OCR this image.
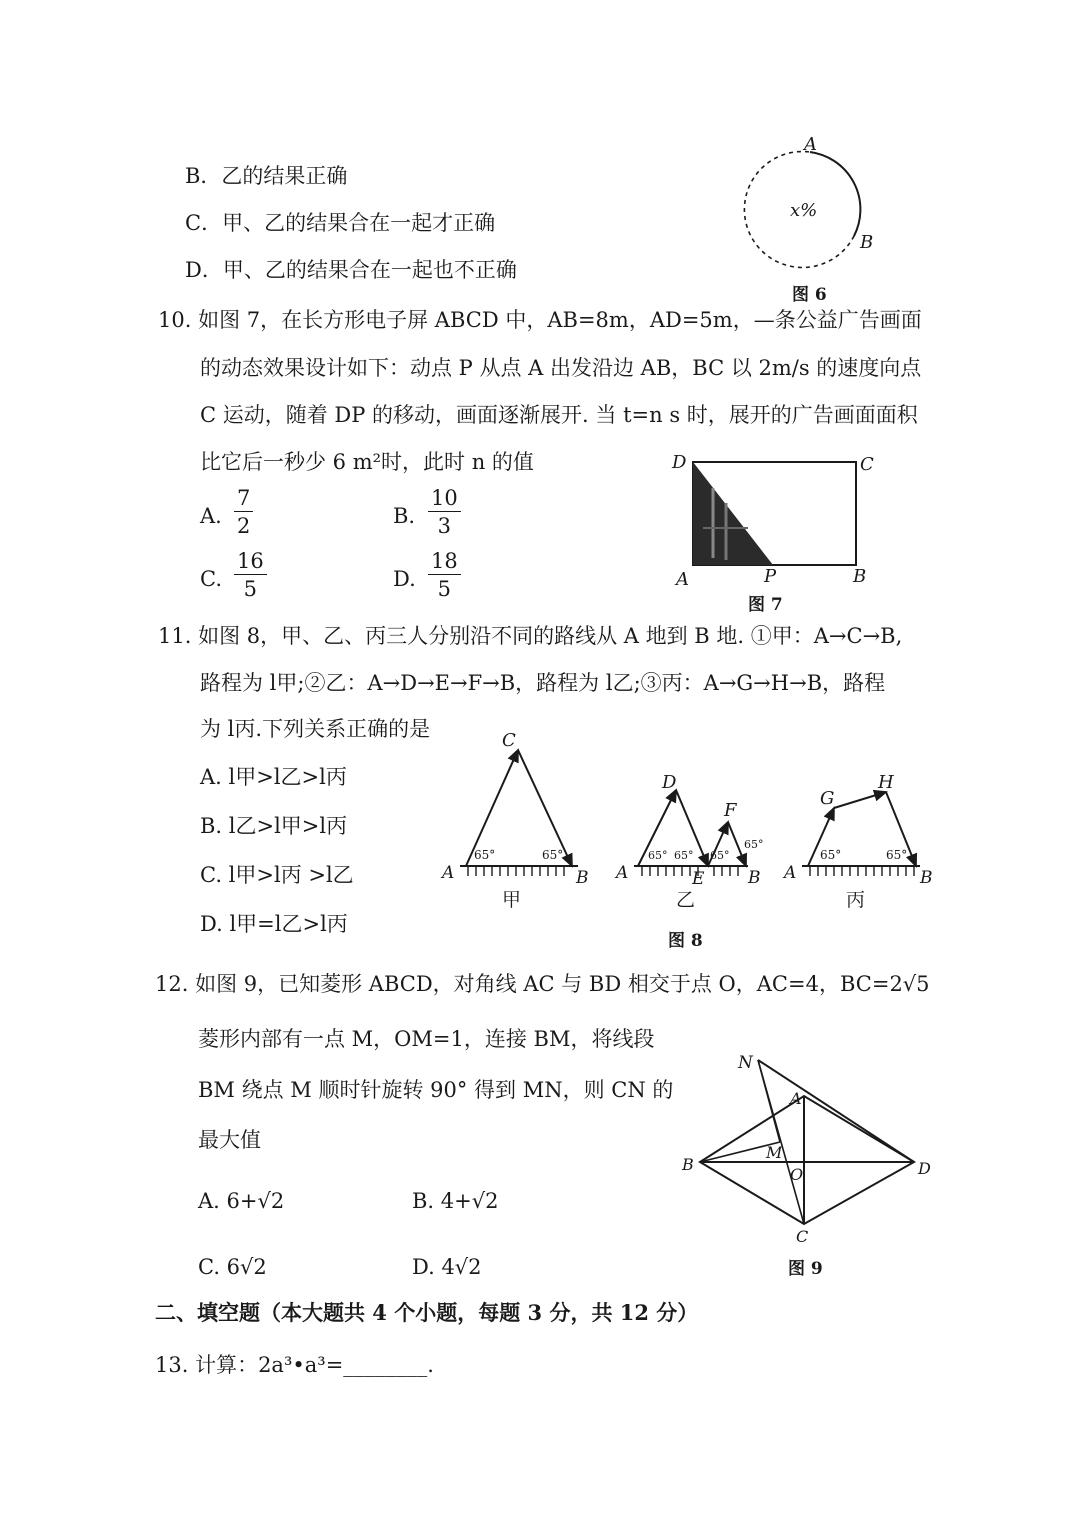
B．乙的结果正确
C．甲、乙的结果合在一起才正确
D．甲、乙的结果合在一起也不正确
A
B
x%
图 6
10. 如图 7，在长方形电子屏 ABCD 中，AB=8m，AD=5m，—条公益广告画面
的动态效果设计如下：动点 P 从点 A 出发沿边 AB，BC 以 2m/s 的速度向点
C 运动，随着 DP 的移动，画面逐渐展开. 当 t=n s 时，展开的广告画面面积
比它后一秒少 6 m²时，此时 n 的值
A. $\frac{7}{2}$	B. $\frac{10}{3}$
C. $\frac{16}{5}$	D. $\frac{18}{5}$
D	C
A	P	B
图 7
11. 如图 8，甲、乙、丙三人分别沿不同的路线从 A 地到 B 地. ①甲：A→C→B,
路程为 l甲;②乙：A→D→E→F→B，路程为 l乙;③丙：A→G→H→B，路程
为 l丙.下列关系正确的是
A. l甲>l乙>l丙
B. l乙>l甲>l丙
C. l甲>l丙 >l乙
D. l甲=l乙>l丙
C
A	B
65°	65°
甲
D
F
E
A	B
65° 65° 65°
65°
乙
G
H
A	B
65°	65°
丙
图 8
12. 如图 9，已知菱形 ABCD，对角线 AC 与 BD 相交于点 O，AC=4，BC=2√5
菱形内部有一点 M，OM=1，连接 BM，将线段
BM 绕点 M 顺时针旋转 90° 得到 MN，则 CN 的
最大值
A. 6+√2	B. 4+√2
C. 6√2	D. 4√2
N
A
M
B
O	D
C
图 9
二、填空题（本大题共 4 个小题，每题 3 分，共 12 分）
13. 计算：2a³•a³=________.
